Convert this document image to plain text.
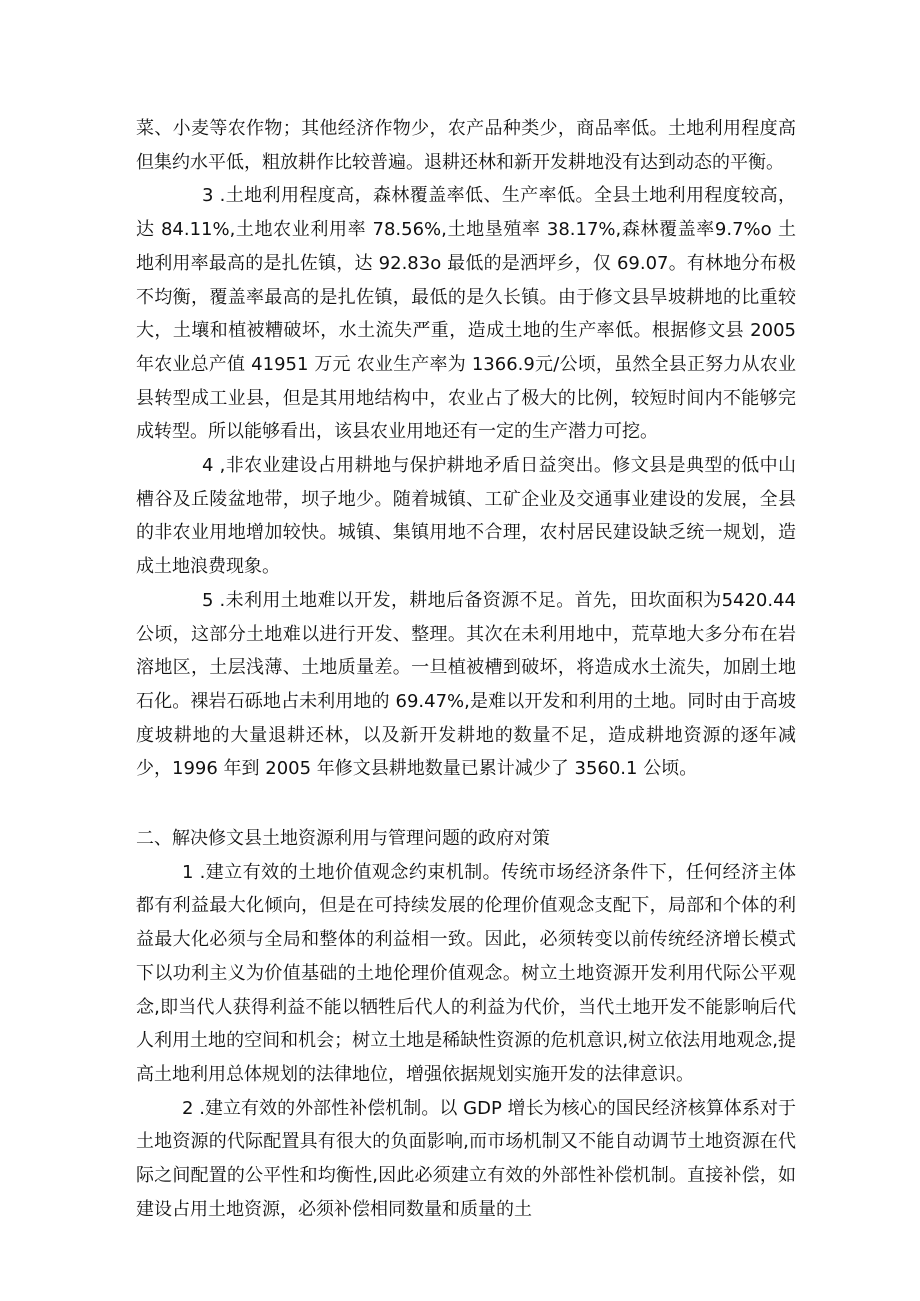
菜、小麦等农作物；其他经济作物少，农产品种类少，商品率低。土地利用程度高但集约水平低，粗放耕作比较普遍。退耕还林和新开发耕地没有达到动态的平衡。

3 .土地利用程度高，森林覆盖率低、生产率低。全县土地利用程度较高，达 84.11%,土地农业利用率 78.56%,土地垦殖率 38.17%,森林覆盖率9.7%o 土地利用率最高的是扎佐镇，达 92.83o 最低的是洒坪乡，仅 69.07。有林地分布极不均衡，覆盖率最高的是扎佐镇，最低的是久长镇。由于修文县旱坡耕地的比重较大，土壤和植被糟破坏，水土流失严重，造成土地的生产率低。根据修文县 2005 年农业总产值 41951 万元 农业生产率为 1366.9元/公顷，虽然全县正努力从农业县转型成工业县，但是其用地结构中，农业占了极大的比例，较短时间内不能够完成转型。所以能够看出，该县农业用地还有一定的生产潜力可挖。

4 ,非农业建设占用耕地与保护耕地矛盾日益突出。修文县是典型的低中山槽谷及丘陵盆地带，坝子地少。随着城镇、工矿企业及交通事业建设的发展，全县的非农业用地增加较快。城镇、集镇用地不合理，农村居民建设缺乏统一规划，造成土地浪费现象。

5 .未利用土地难以开发，耕地后备资源不足。首先，田坎面积为5420.44 公顷，这部分土地难以进行开发、整理。其次在未利用地中，荒草地大多分布在岩溶地区，土层浅薄、土地质量差。一旦植被槽到破坏，将造成水土流失，加剧土地石化。裸岩石砾地占未利用地的 69.47%,是难以开发和利用的土地。同时由于高坡度坡耕地的大量退耕还林，以及新开发耕地的数量不足，造成耕地资源的逐年减少，1996 年到 2005 年修文县耕地数量已累计减少了 3560.1 公顷。

二、解决修文县土地资源利用与管理问题的政府对策

1 .建立有效的土地价值观念约束机制。传统市场经济条件下，任何经济主体都有利益最大化倾向，但是在可持续发展的伦理价值观念支配下，局部和个体的利益最大化必须与全局和整体的利益相一致。因此，必须转变以前传统经济增长模式下以功利主义为价值基础的土地伦理价值观念。树立土地资源开发利用代际公平观念,即当代人获得利益不能以牺牲后代人的利益为代价，当代土地开发不能影响后代人利用土地的空间和机会；树立土地是稀缺性资源的危机意识,树立依法用地观念,提高土地利用总体规划的法律地位，增强依据规划实施开发的法律意识。

2 .建立有效的外部性补偿机制。以 GDP 增长为核心的国民经济核算体系对于土地资源的代际配置具有很大的负面影响,而市场机制又不能自动调节土地资源在代际之间配置的公平性和均衡性,因此必须建立有效的外部性补偿机制。直接补偿，如建设占用土地资源，必须补偿相同数量和质量的土
